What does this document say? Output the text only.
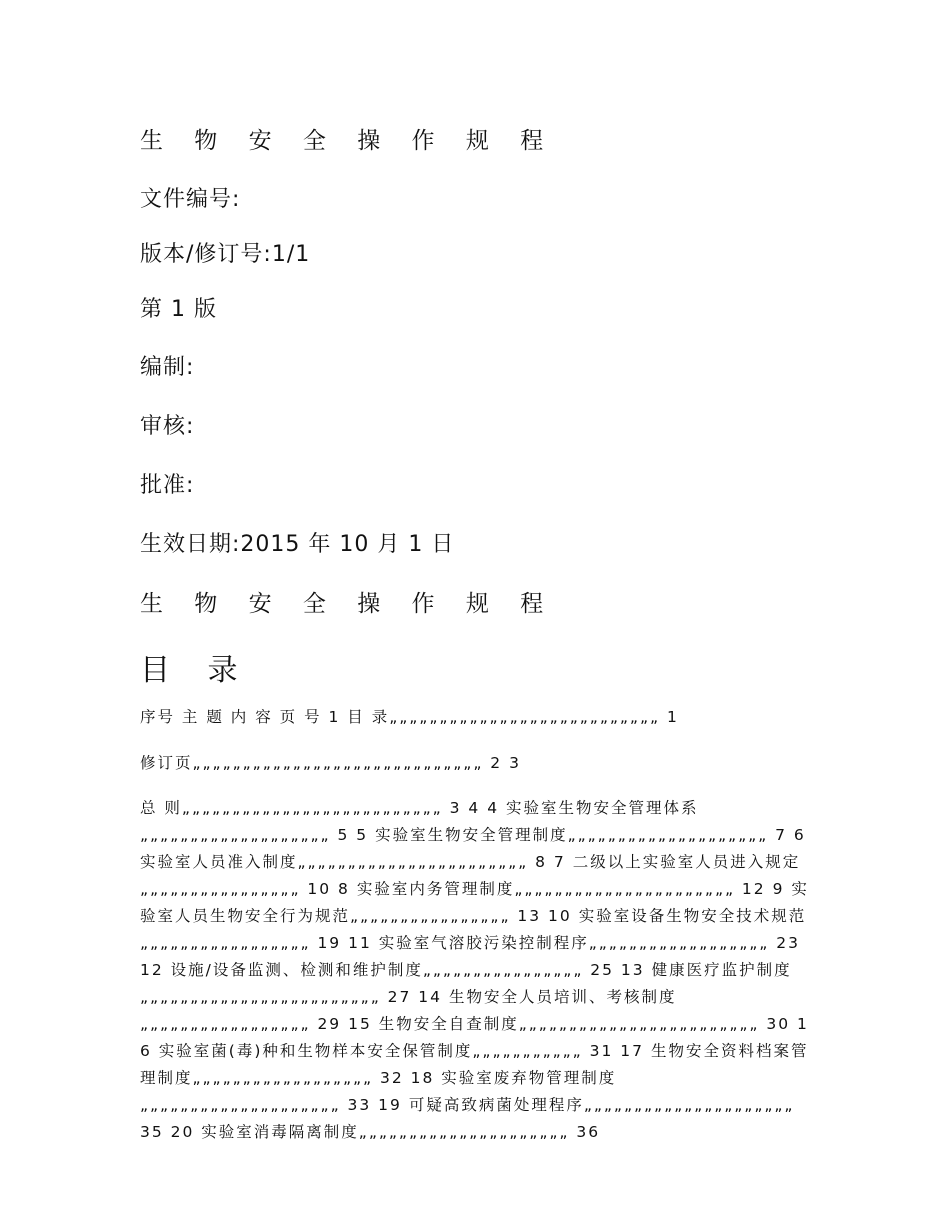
生 物 安 全 操 作 规 程

文件编号:

版本/修订号:1/1

第 1 版

编制:

审核:

批准:

生效日期:2015 年 10 月 1 日

生 物 安 全 操 作 规 程

目 录

序号 主 题 内 容 页 号 1 目 录„„„„„„„„„„„„„„„„„„„„„„„„„„„ 1

修订页„„„„„„„„„„„„„„„„„„„„„„„„„„„„„ 2 3

总 则„„„„„„„„„„„„„„„„„„„„„„„„„„ 3 4 4 实验室生物安全管理体系„„„„„„„„„„„„„„„„„„„ 5 5 实验室生物安全管理制度„„„„„„„„„„„„„„„„„„„„ 7 6 实验室人员准入制度„„„„„„„„„„„„„„„„„„„„„„„ 8 7 二级以上实验室人员进入规定„„„„„„„„„„„„„„„„ 10 8 实验室内务管理制度„„„„„„„„„„„„„„„„„„„„„„ 12 9 实验室人员生物安全行为规范„„„„„„„„„„„„„„„„ 13 10 实验室设备生物安全技术规范„„„„„„„„„„„„„„„„„ 19 11 实验室气溶胶污染控制程序„„„„„„„„„„„„„„„„„„ 23 12 设施/设备监测、检测和维护制度„„„„„„„„„„„„„„„„ 25 13 健康医疗监护制度„„„„„„„„„„„„„„„„„„„„„„„„ 27 14 生物安全人员培训、考核制度„„„„„„„„„„„„„„„„„ 29 15 生物安全自查制度„„„„„„„„„„„„„„„„„„„„„„„„ 30 16 实验室菌(毒)种和生物样本安全保管制度„„„„„„„„„„„ 31 17 生物安全资料档案管理制度„„„„„„„„„„„„„„„„„„ 32 18 实验室废弃物管理制度„„„„„„„„„„„„„„„„„„„„ 33 19 可疑高致病菌处理程序„„„„„„„„„„„„„„„„„„„„„ 35 20 实验室消毒隔离制度„„„„„„„„„„„„„„„„„„„„„ 36
